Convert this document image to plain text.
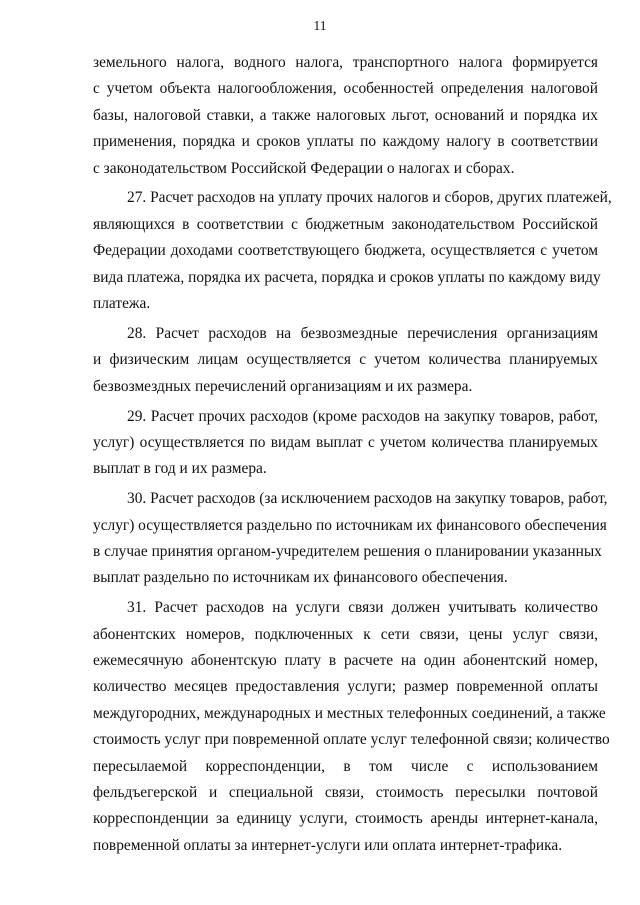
11

земельного налога, водного налога, транспортного налога формируется
с учетом объекта налогообложения, особенностей определения налоговой
базы, налоговой ставки, а также налоговых льгот, оснований и порядка их
применения, порядка и сроков уплаты по каждому налогу в соответствии
с законодательством Российской Федерации о налогах и сборах.

27. Расчет расходов на уплату прочих налогов и сборов, других платежей,
являющихся в соответствии с бюджетным законодательством Российской
Федерации доходами соответствующего бюджета, осуществляется с учетом
вида платежа, порядка их расчета, порядка и сроков уплаты по каждому виду
платежа.

28. Расчет расходов на безвозмездные перечисления организациям
и физическим лицам осуществляется с учетом количества планируемых
безвозмездных перечислений организациям и их размера.

29. Расчет прочих расходов (кроме расходов на закупку товаров, работ,
услуг) осуществляется по видам выплат с учетом количества планируемых
выплат в год и их размера.

30. Расчет расходов (за исключением расходов на закупку товаров, работ,
услуг) осуществляется раздельно по источникам их финансового обеспечения
в случае принятия органом-учредителем решения о планировании указанных
выплат раздельно по источникам их финансового обеспечения.

31. Расчет расходов на услуги связи должен учитывать количество
абонентских номеров, подключенных к сети связи, цены услуг связи,
ежемесячную абонентскую плату в расчете на один абонентский номер,
количество месяцев предоставления услуги; размер повременной оплаты
междугородних, международных и местных телефонных соединений, а также
стоимость услуг при повременной оплате услуг телефонной связи; количество
пересылаемой корреспонденции, в том числе с использованием
фельдъегерской и специальной связи, стоимость пересылки почтовой
корреспонденции за единицу услуги, стоимость аренды интернет-канала,
повременной оплаты за интернет-услуги или оплата интернет-трафика.
